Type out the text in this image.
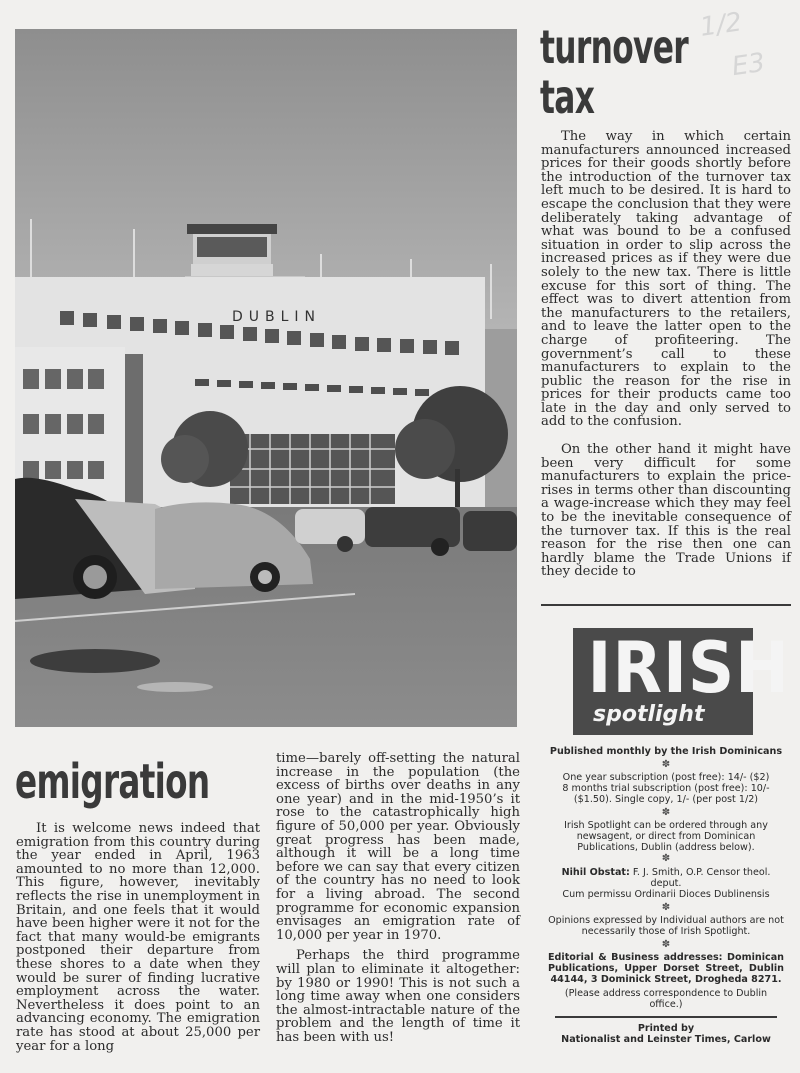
1/2
E3
DUBLIN
turnover
tax

The way in which certain manufacturers announced increased prices for their goods shortly before the introduction of the turnover tax left much to be desired. It is hard to escape the conclusion that they were deliberately taking advantage of what was bound to be a confused situation in order to slip across the increased prices as if they were due solely to the new tax. There is little excuse for this sort of thing. The effect was to divert attention from the manufacturers to the retailers, and to leave the latter open to the charge of profiteering. The government’s call to these manufacturers to explain to the public the reason for the rise in prices for their products came too late in the day and only served to add to the confusion.

On the other hand it might have been very difficult for some manufacturers to explain the price-rises in terms other than discounting a wage-increase which they may feel to be the inevitable consequence of the turnover tax. If this is the real reason for the rise then one can hardly blame the Trade Unions if they decide to

emigration

It is welcome news indeed that emigration from this country during the year ended in April, 1963 amounted to no more than 12,000. This figure, however, inevitably reflects the rise in unemployment in Britain, and one feels that it would have been higher were it not for the fact that many would-be emigrants postponed their departure from these shores to a date when they would be surer of finding lucrative employment across the water. Nevertheless it does point to an advancing economy. The emigration rate has stood at about 25,000 per year for a long

time—barely off-setting the natural increase in the population (the excess of births over deaths in any one year) and in the mid-1950’s it rose to the catastrophically high figure of 50,000 per year. Obviously great progress has been made, although it will be a long time before we can say that every citizen of the country has no need to look for a living abroad. The second programme for economic expansion envisages an emigration rate of 10,000 per year in 1970.

Perhaps the third programme will plan to eliminate it altogether: by 1980 or 1990! This is not such a long time away when one considers the almost-intractable nature of the problem and the length of time it has been with us!

IRISH
spotlight

Published monthly by the Irish Dominicans

✽

One year subscription (post free): 14/- ($2)

8 months trial subscription (post free): 10/- ($1.50). Single copy, 1/- (per post 1/2)

✽

Irish Spotlight can be ordered through any newsagent, or direct from Dominican Publications, Dublin (address below).

✽

Nihil Obstat: F. J. Smith, O.P. Censor theol. deput.

Cum permissu Ordinarii Dioces Dublinensis

✽

Opinions expressed by Individual authors are not necessarily those of Irish Spotlight.

✽

Editorial & Business addresses: Dominican Publications, Upper Dorset Street, Dublin 44144, 3 Dominick Street, Drogheda 8271.

(Please address correspondence to Dublin office.)

Printed by

Nationalist and Leinster Times, Carlow
